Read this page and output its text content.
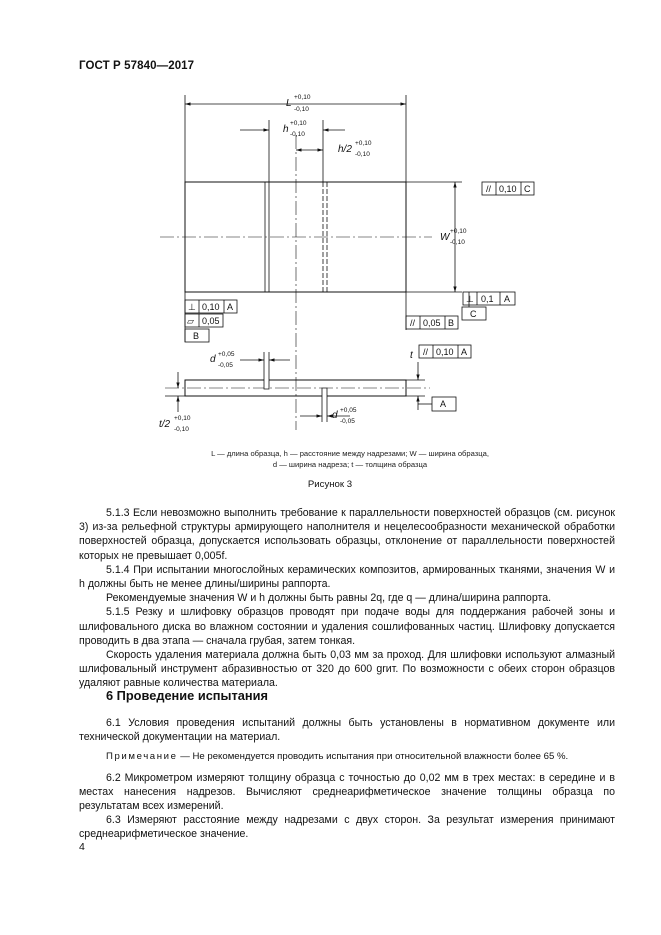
ГОСТ Р 57840—2017
L
h
h/2
W
d
d
t
t/2
+0,10
-0,10
+0,10
-0,10
+0,10
-0,10
+0,10
-0,10
+0,05
-0,05
+0,05
-0,05
+0,10
-0,10
// 0,10 C
⊥ 0,1 A
C
⊥ 0,10 A
▱ 0,05
B
// 0,05 B
// 0,10 A
A
L — длина образца, h — расстояние между надрезами; W — ширина образца,
d — ширина надреза; t — толщина образца
Рисунок 3

5.1.3 Если невозможно выполнить требование к параллельности поверхностей образцов (см. рисунок 3) из-за рельефной структуры армирующего наполнителя и нецелесообразности механической обработки поверхностей образца, допускается использовать образцы, отклонение от параллельности поверхностей которых не превышает 0,005f.

5.1.4 При испытании многослойных керамических композитов, армированных тканями, значения W и h должны быть не менее длины/ширины раппорта.

Рекомендуемые значения W и h должны быть равны 2q, где q — длина/ширина раппорта.

5.1.5 Резку и шлифовку образцов проводят при подаче воды для поддержания рабочей зоны и шлифовального диска во влажном состоянии и удаления сошлифованных частиц. Шлифовку допускается проводить в два этапа — сначала грубая, затем тонкая.

Скорость удаления материала должна быть 0,03 мм за проход. Для шлифовки используют алмазный шлифовальный инструмент абразивностью от 320 до 600 grит. По возможности с обеих сторон образцов удаляют равные количества материала.

6 Проведение испытания

6.1 Условия проведения испытаний должны быть установлены в нормативном документе или технической документации на материал.

Примечание — Не рекомендуется проводить испытания при относительной влажности более 65 %.

6.2 Микрометром измеряют толщину образца с точностью до 0,02 мм в трех местах: в середине и в местах нанесения надрезов. Вычисляют среднеарифметическое значение толщины образца по результатам всех измерений.

6.3 Измеряют расстояние между надрезами с двух сторон. За результат измерения принимают среднеарифметическое значение.

4
